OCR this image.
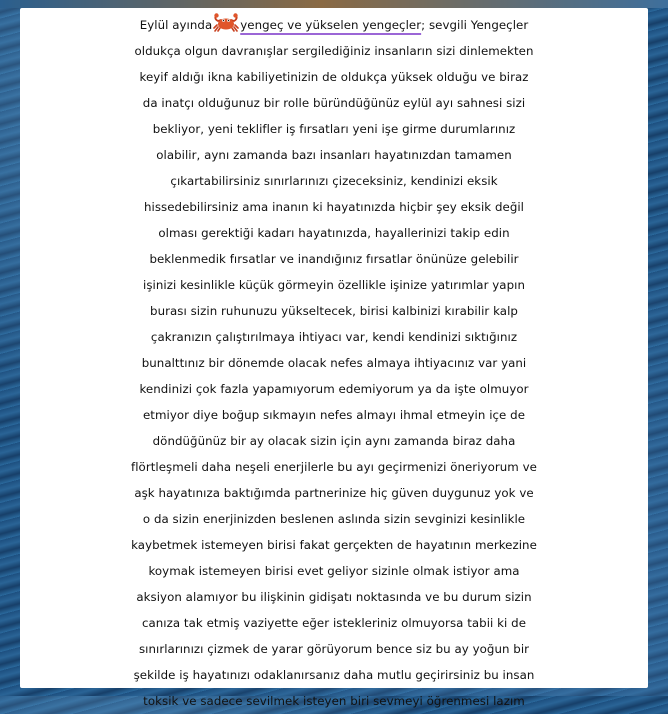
Eylül ayında yengeç ve yükselen yengeçler; sevgili Yengeçler
oldukça olgun davranışlar sergilediğiniz insanların sizi dinlemekten
keyif aldığı ikna kabiliyetinizin de oldukça yüksek olduğu ve biraz
da inatçı olduğunuz bir rolle büründüğünüz eylül ayı sahnesi sizi
bekliyor, yeni teklifler iş fırsatları yeni işe girme durumlarınız
olabilir, aynı zamanda bazı insanları hayatınızdan tamamen
çıkartabilirsiniz sınırlarınızı çizeceksiniz, kendinizi eksik
hissedebilirsiniz ama inanın ki hayatınızda hiçbir şey eksik değil
olması gerektiği kadarı hayatınızda, hayallerinizi takip edin
beklenmedik fırsatlar ve inandığınız fırsatlar önünüze gelebilir
işinizi kesinlikle küçük görmeyin özellikle işinize yatırımlar yapın
burası sizin ruhunuzu yükseltecek, birisi kalbinizi kırabilir kalp
çakranızın çalıştırılmaya ihtiyacı var, kendi kendinizi sıktığınız
bunalttınız bir dönemde olacak nefes almaya ihtiyacınız var yani
kendinizi çok fazla yapamıyorum edemiyorum ya da işte olmuyor
etmiyor diye boğup sıkmayın nefes almayı ihmal etmeyin içe de
döndüğünüz bir ay olacak sizin için aynı zamanda biraz daha
flörtleşmeli daha neşeli enerjilerle bu ayı geçirmenizi öneriyorum ve
aşk hayatınıza baktığımda partnerinize hiç güven duygunuz yok ve
o da sizin enerjinizden beslenen aslında sizin sevginizi kesinlikle
kaybetmek istemeyen birisi fakat gerçekten de hayatının merkezine
koymak istemeyen birisi evet geliyor sizinle olmak istiyor ama
aksiyon alamıyor bu ilişkinin gidişatı noktasında ve bu durum sizin
canıza tak etmiş vaziyette eğer istekleriniz olmuyorsa tabii ki de
sınırlarınızı çizmek de yarar görüyorum bence siz bu ay yoğun bir
şekilde iş hayatınızı odaklanırsanız daha mutlu geçirirsiniz bu insan
toksik ve sadece sevilmek isteyen biri sevmeyi öğrenmesi lazım
